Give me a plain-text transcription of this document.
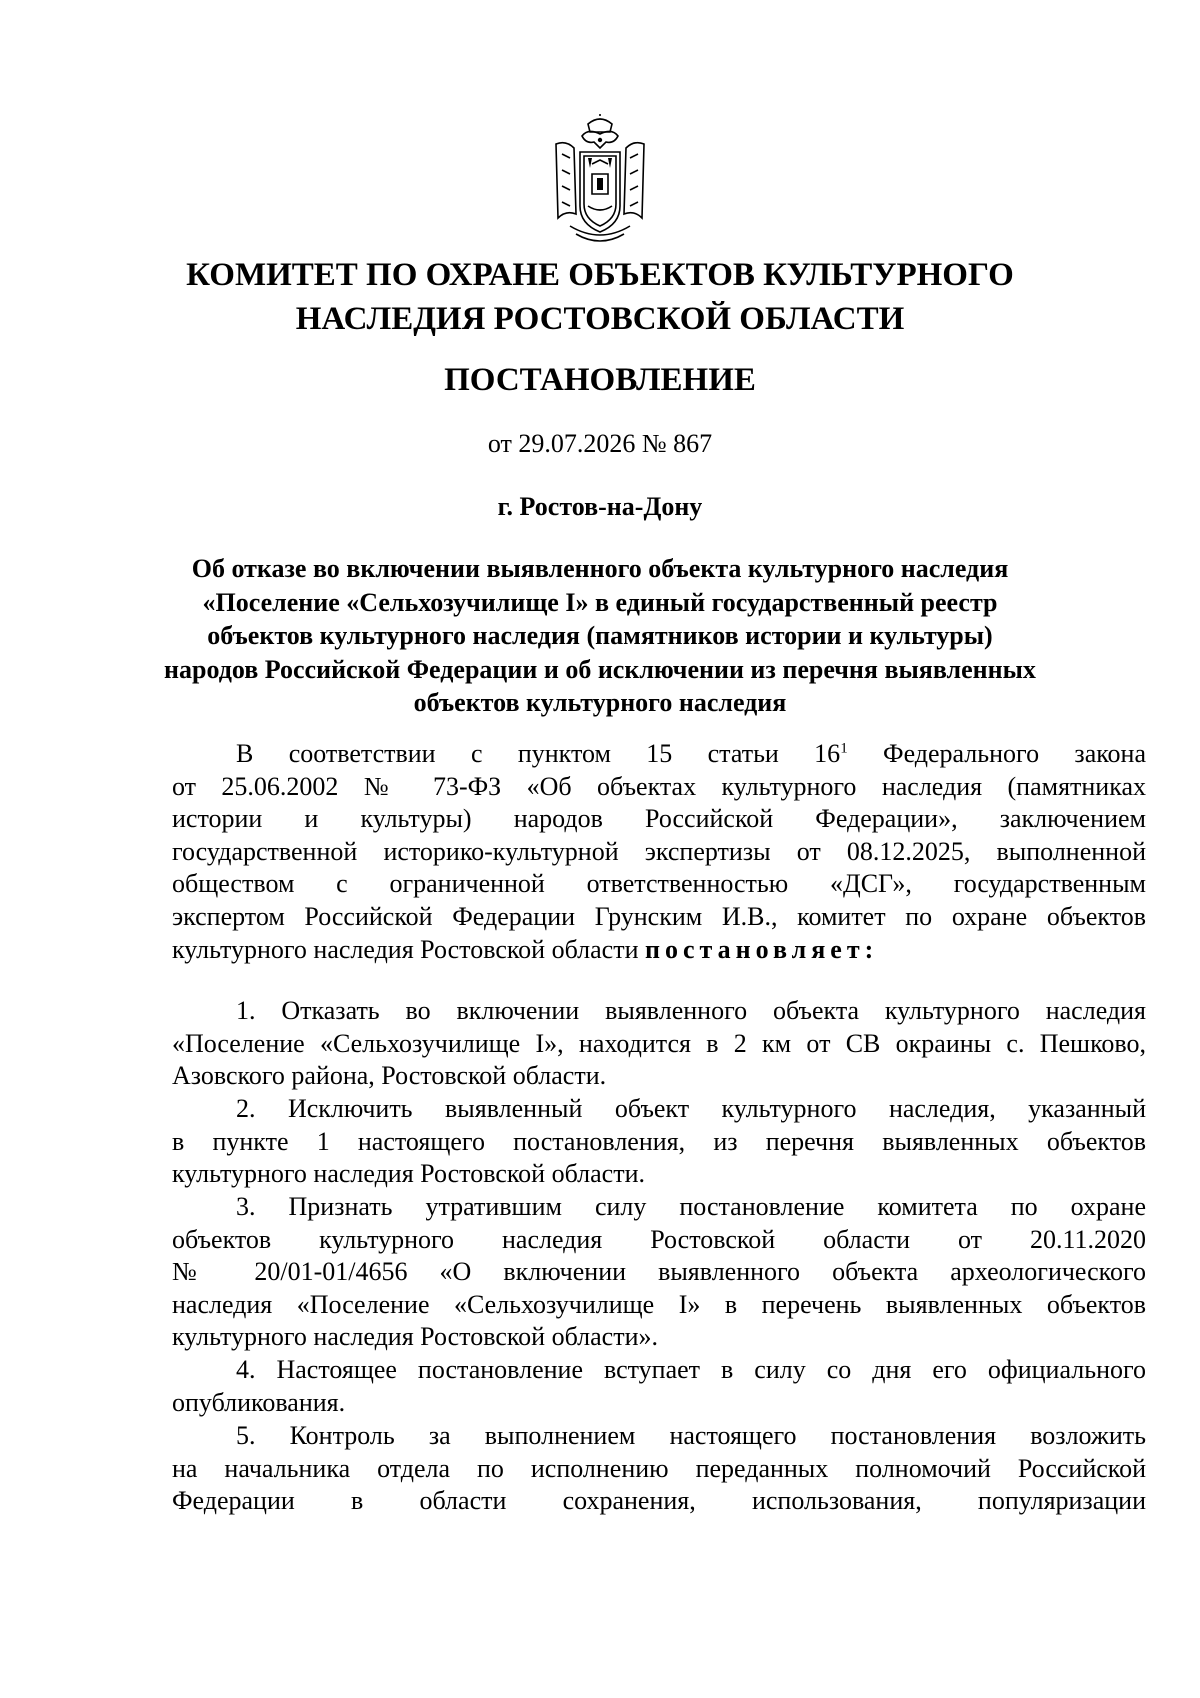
КОМИТЕТ ПО ОХРАНЕ ОБЪЕКТОВ КУЛЬТУРНОГО
НАСЛЕДИЯ РОСТОВСКОЙ ОБЛАСТИ
ПОСТАНОВЛЕНИЕ
от 29.07.2026 № 867
г. Ростов-на-Дону
Об отказе во включении выявленного объекта культурного наследия
«Поселение «Сельхозучилище I» в единый государственный реестр
объектов культурного наследия (памятников истории и культуры)
народов Российской Федерации и об исключении из перечня выявленных
объектов культурного наследия
В соответствии с пунктом 15 статьи $16^1$ Федерального закона
от 25.06.2002 № 73-ФЗ «Об объектах культурного наследия (памятниках
истории и культуры) народов Российской Федерации», заключением
государственной историко-культурной экспертизы от 08.12.2025, выполненной
обществом с ограниченной ответственностью «ДСГ», государственным
экспертом Российской Федерации Грунским И.В., комитет по охране объектов
культурного наследия Ростовской области постановляет:
1. Отказать во включении выявленного объекта культурного наследия
«Поселение «Сельхозучилище I», находится в 2 км от СВ окраины с. Пешково,
Азовского района, Ростовской области.
2. Исключить выявленный объект культурного наследия, указанный
в пункте 1 настоящего постановления, из перечня выявленных объектов
культурного наследия Ростовской области.
3. Признать утратившим силу постановление комитета по охране
объектов культурного наследия Ростовской области от 20.11.2020
№ 20/01-01/4656 «О включении выявленного объекта археологического
наследия «Поселение «Сельхозучилище I» в перечень выявленных объектов
культурного наследия Ростовской области».
4. Настоящее постановление вступает в силу со дня его официального
опубликования.
5. Контроль за выполнением настоящего постановления возложить
на начальника отдела по исполнению переданных полномочий Российской
Федерации в области сохранения, использования, популяризации
